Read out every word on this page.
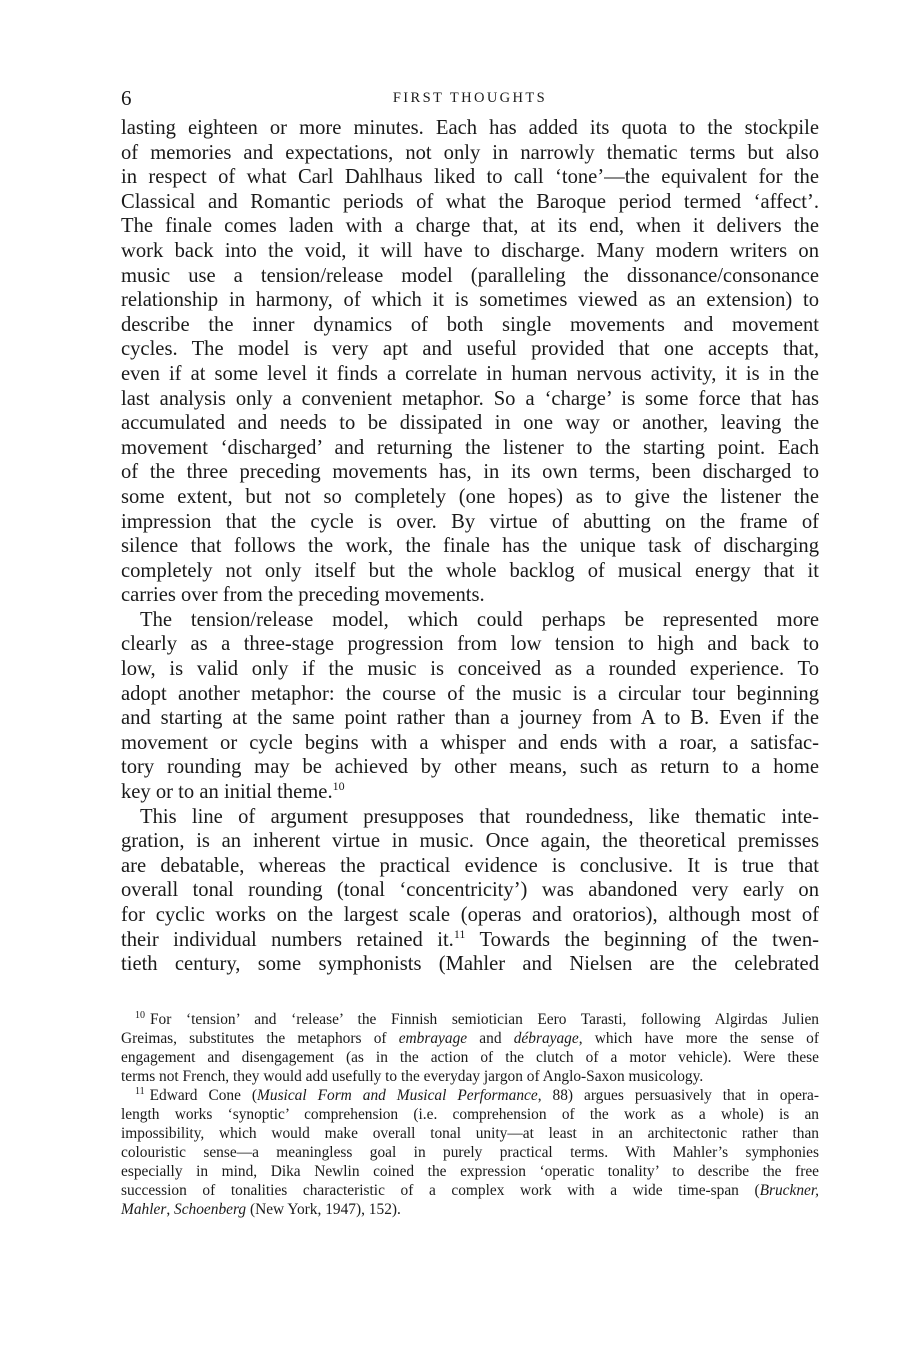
6	FIRST THOUGHTS
lasting eighteen or more minutes. Each has added its quota to the stockpile
of memories and expectations, not only in narrowly thematic terms but also
in respect of what Carl Dahlhaus liked to call ‘tone’—the equivalent for the
Classical and Romantic periods of what the Baroque period termed ‘affect’.
The finale comes laden with a charge that, at its end, when it delivers the
work back into the void, it will have to discharge. Many modern writers on
music use a tension/release model (paralleling the dissonance/consonance
relationship in harmony, of which it is sometimes viewed as an extension) to
describe the inner dynamics of both single movements and movement
cycles. The model is very apt and useful provided that one accepts that,
even if at some level it finds a correlate in human nervous activity, it is in the
last analysis only a convenient metaphor. So a ‘charge’ is some force that has
accumulated and needs to be dissipated in one way or another, leaving the
movement ‘discharged’ and returning the listener to the starting point. Each
of the three preceding movements has, in its own terms, been discharged to
some extent, but not so completely (one hopes) as to give the listener the
impression that the cycle is over. By virtue of abutting on the frame of
silence that follows the work, the finale has the unique task of discharging
completely not only itself but the whole backlog of musical energy that it
carries over from the preceding movements.
The tension/release model, which could perhaps be represented more
clearly as a three-stage progression from low tension to high and back to
low, is valid only if the music is conceived as a rounded experience. To
adopt another metaphor: the course of the music is a circular tour beginning
and starting at the same point rather than a journey from A to B. Even if the
movement or cycle begins with a whisper and ends with a roar, a satisfac-
tory rounding may be achieved by other means, such as return to a home
key or to an initial theme.$^{10}$
This line of argument presupposes that roundedness, like thematic inte-
gration, is an inherent virtue in music. Once again, the theoretical premisses
are debatable, whereas the practical evidence is conclusive. It is true that
overall tonal rounding (tonal ‘concentricity’) was abandoned very early on
for cyclic works on the largest scale (operas and oratorios), although most of
their individual numbers retained it.$^{11}$ Towards the beginning of the twen-
tieth century, some symphonists (Mahler and Nielsen are the celebrated
$^{10}$ For ‘tension’ and ‘release’ the Finnish semiotician Eero Tarasti, following Algirdas Julien
Greimas, substitutes the metaphors of embrayage and débrayage, which have more the sense of
engagement and disengagement (as in the action of the clutch of a motor vehicle). Were these
terms not French, they would add usefully to the everyday jargon of Anglo-Saxon musicology.
$^{11}$ Edward Cone (Musical Form and Musical Performance, 88) argues persuasively that in opera-
length works ‘synoptic’ comprehension (i.e. comprehension of the work as a whole) is an
impossibility, which would make overall tonal unity—at least in an architectonic rather than
colouristic sense—a meaningless goal in purely practical terms. With Mahler’s symphonies
especially in mind, Dika Newlin coined the expression ‘operatic tonality’ to describe the free
succession of tonalities characteristic of a complex work with a wide time-span (Bruckner,
Mahler, Schoenberg (New York, 1947), 152).
